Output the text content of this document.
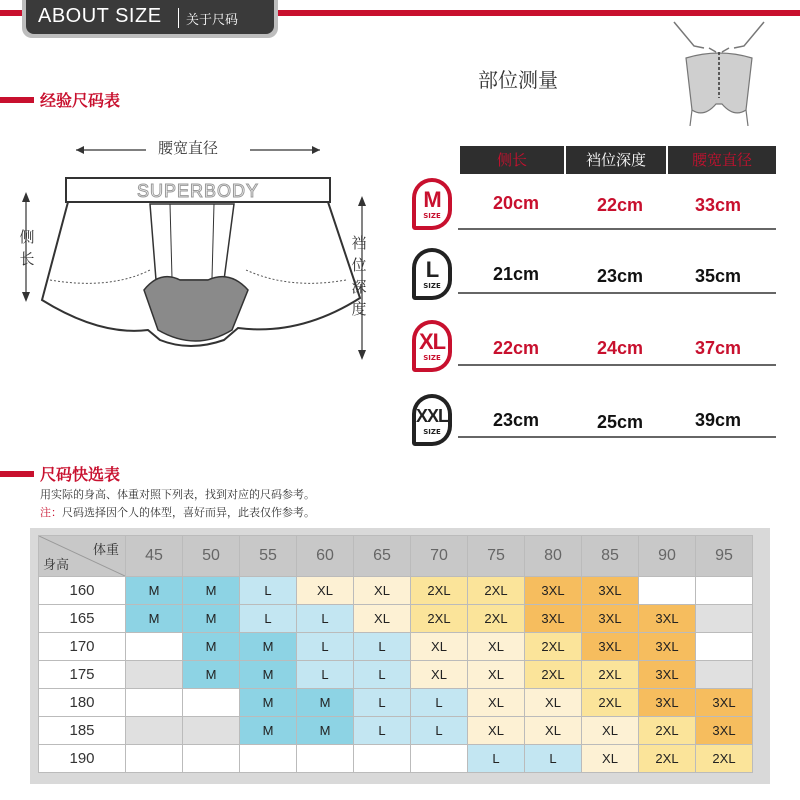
ABOUT SIZE 关于尺码
经验尺码表
部位测量
腰宽直径
SUPERBODY
侧
长
裆
位
深
度
侧长	裆位深度	腰宽直径
M
SIZE
20cm	22cm	33cm
L
SIZE
21cm	23cm	35cm
XL
SIZE	22cm	24cm	37cm
XXL
SIZE
23cm	25cm	39cm
尺码快选表
用实际的身高、体重对照下列表，找到对应的尺码参考。
注：尺码选择因个人的体型，喜好而异，此表仅作参考。
体重
身高	45	50	55	60	65	70	75	80	85	90	95
160	M	M	L	XL	XL	2XL	2XL	3XL	3XL		
165	M	M	L	L	XL	2XL	2XL	3XL	3XL	3XL	
170		M	M	L	L	XL	XL	2XL	3XL	3XL	
175		M	M	L	L	XL	XL	2XL	2XL	3XL	
180			M	M	L	L	XL	XL	2XL	3XL	3XL
185			M	M	L	L	XL	XL	XL	2XL	3XL
190							L	L	XL	2XL	2XL
